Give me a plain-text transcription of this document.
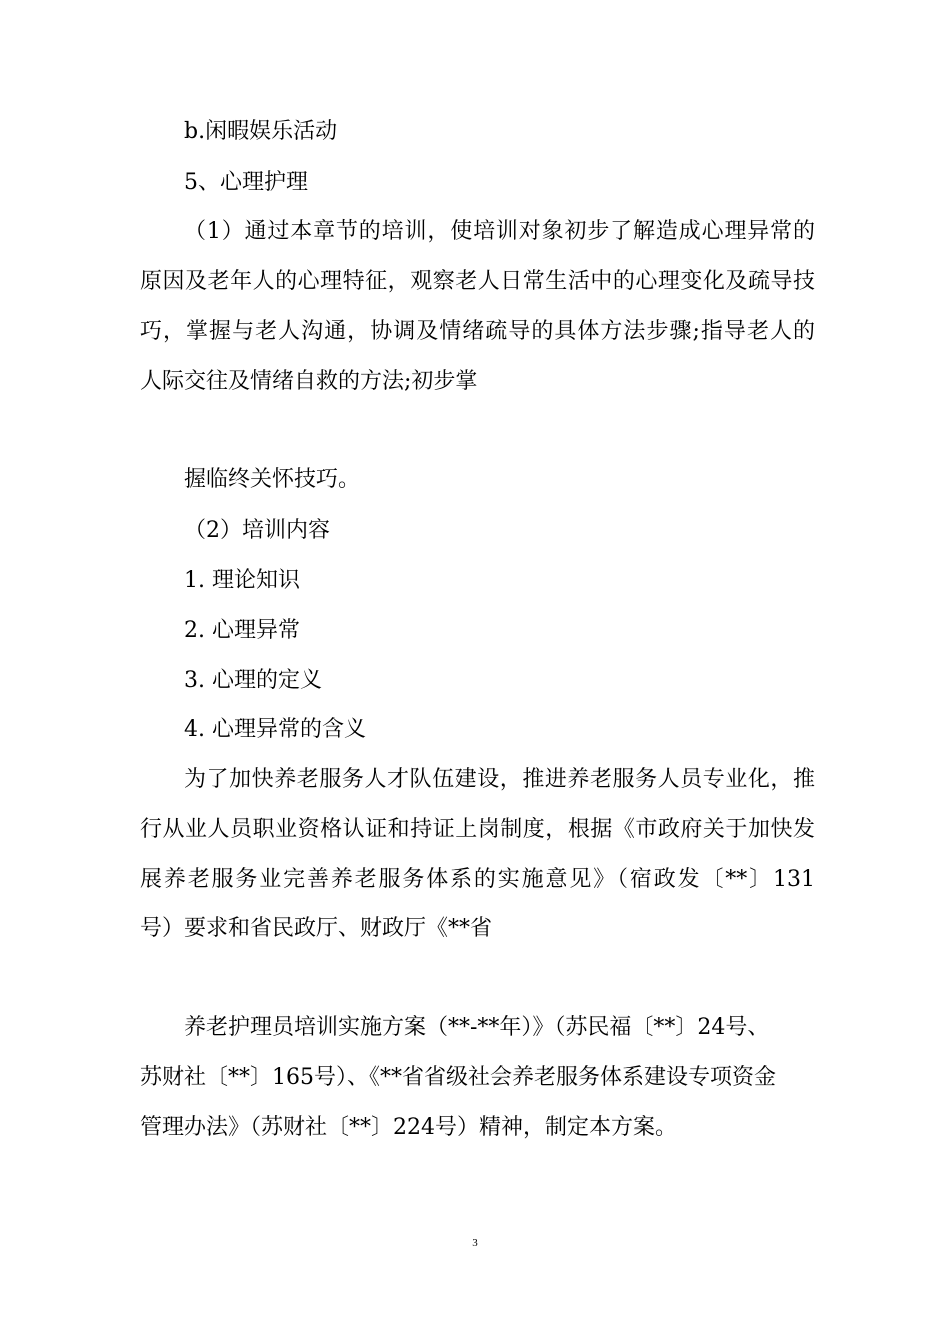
b.闲暇娱乐活动

5、心理护理

（1）通过本章节的培训，使培训对象初步了解造成心理异常的

原因及老年人的心理特征，观察老人日常生活中的心理变化及疏导技

巧，掌握与老人沟通，协调及情绪疏导的具体方法步骤;指导老人的

人际交往及情绪自救的方法;初步掌

握临终关怀技巧。

（2）培训内容

1. 理论知识

2. 心理异常

3. 心理的定义

4. 心理异常的含义

为了加快养老服务人才队伍建设，推进养老服务人员专业化，推

行从业人员职业资格认证和持证上岗制度，根据《市政府关于加快发

展养老服务业完善养老服务体系的实施意见》（宿政发〔**〕131

号）要求和省民政厅、财政厅《**省

养老护理员培训实施方案（**-**年）》（苏民福〔**〕24号、

苏财社〔**〕165号）、《**省省级社会养老服务体系建设专项资金

管理办法》（苏财社〔**〕224号）精神，制定本方案。

3
